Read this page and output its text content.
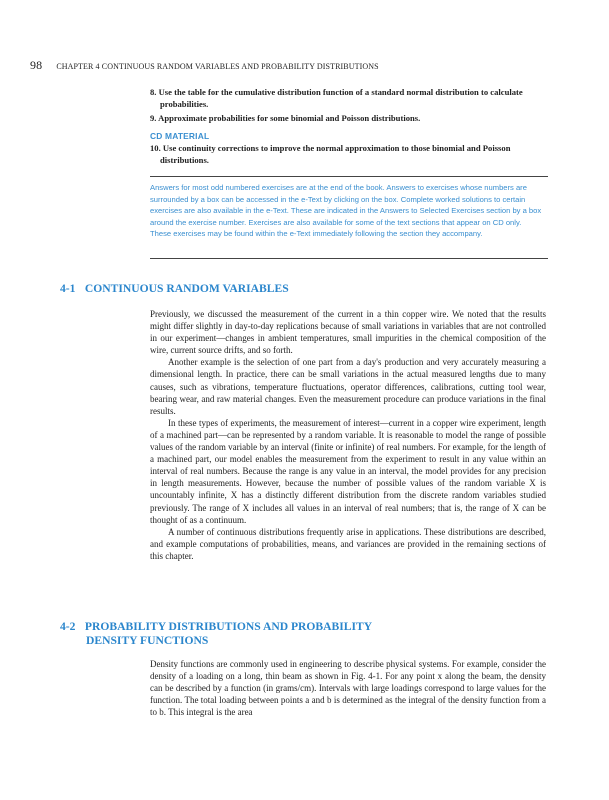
98 CHAPTER 4 CONTINUOUS RANDOM VARIABLES AND PROBABILITY DISTRIBUTIONS
8. Use the table for the cumulative distribution function of a standard normal distribution to calculate probabilities.
9. Approximate probabilities for some binomial and Poisson distributions.
CD MATERIAL
10. Use continuity corrections to improve the normal approximation to those binomial and Poisson distributions.
Answers for most odd numbered exercises are at the end of the book. Answers to exercises whose numbers are surrounded by a box can be accessed in the e-Text by clicking on the box. Complete worked solutions to certain exercises are also available in the e-Text. These are indicated in the Answers to Selected Exercises section by a box around the exercise number. Exercises are also available for some of the text sections that appear on CD only. These exercises may be found within the e-Text immediately following the section they accompany.
4-1 CONTINUOUS RANDOM VARIABLES

Previously, we discussed the measurement of the current in a thin copper wire. We noted that the results might differ slightly in day-to-day replications because of small variations in variables that are not controlled in our experiment—changes in ambient temperatures, small impurities in the chemical composition of the wire, current source drifts, and so forth.

Another example is the selection of one part from a day's production and very accurately measuring a dimensional length. In practice, there can be small variations in the actual measured lengths due to many causes, such as vibrations, temperature fluctuations, operator differences, calibrations, cutting tool wear, bearing wear, and raw material changes. Even the measurement procedure can produce variations in the final results.

In these types of experiments, the measurement of interest—current in a copper wire experiment, length of a machined part—can be represented by a random variable. It is reasonable to model the range of possible values of the random variable by an interval (finite or infinite) of real numbers. For example, for the length of a machined part, our model enables the measurement from the experiment to result in any value within an interval of real numbers. Because the range is any value in an interval, the model provides for any precision in length measurements. However, because the number of possible values of the random variable X is uncountably infinite, X has a distinctly different distribution from the discrete random variables studied previously. The range of X includes all values in an interval of real numbers; that is, the range of X can be thought of as a continuum.

A number of continuous distributions frequently arise in applications. These distributions are described, and example computations of probabilities, means, and variances are provided in the remaining sections of this chapter.

4-2 PROBABILITY DISTRIBUTIONS AND PROBABILITY
DENSITY FUNCTIONS

Density functions are commonly used in engineering to describe physical systems. For example, consider the density of a loading on a long, thin beam as shown in Fig. 4-1. For any point x along the beam, the density can be described by a function (in grams/cm). Intervals with large loadings correspond to large values for the function. The total loading between points a and b is determined as the integral of the density function from a to b. This integral is the area
